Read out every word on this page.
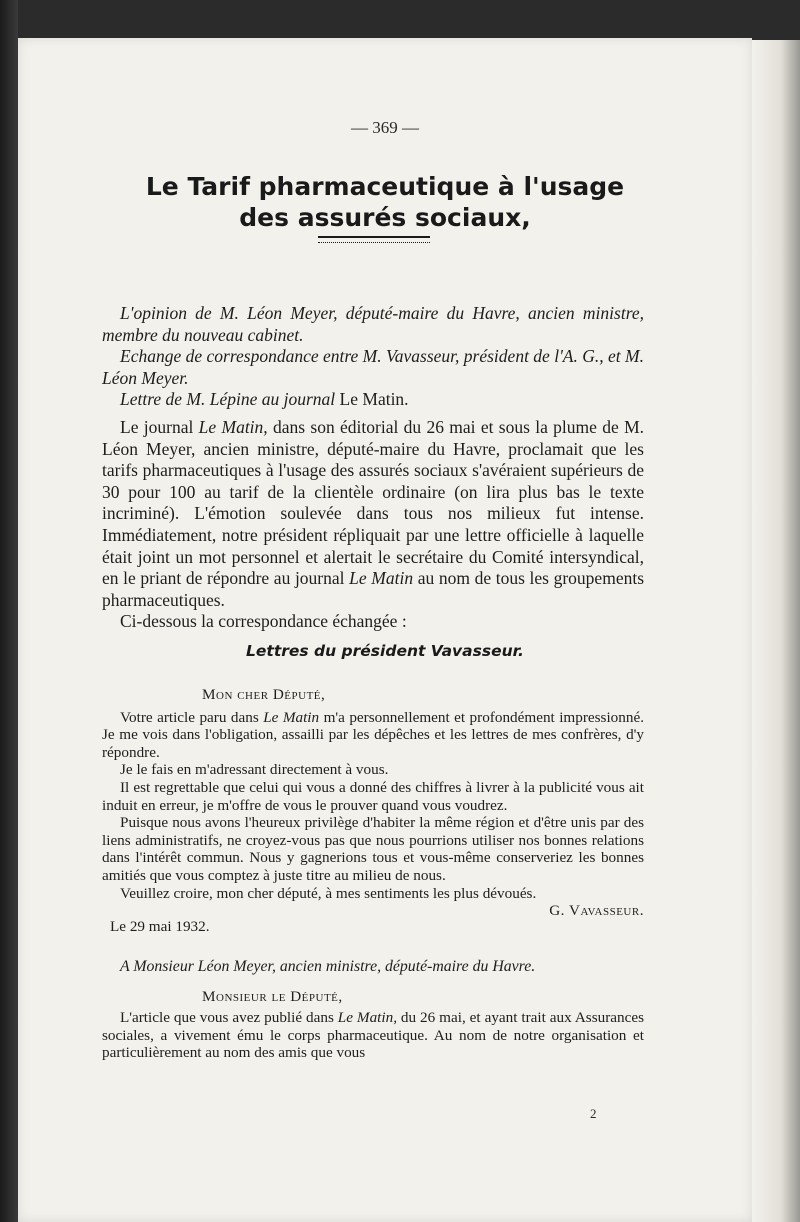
— 369 —
Le Tarif pharmaceutique à l'usage
des assurés sociaux,
L'opinion de M. Léon Meyer, député-maire du Havre, ancien ministre, membre du nouveau cabinet.
Echange de correspondance entre M. Vavasseur, président de l'A. G., et M. Léon Meyer.
Lettre de M. Lépine au journal Le Matin.
Le journal Le Matin, dans son éditorial du 26 mai et sous la plume de M. Léon Meyer, ancien ministre, député-maire du Havre, proclamait que les tarifs pharmaceutiques à l'usage des assurés sociaux s'avéraient supérieurs de 30 pour 100 au tarif de la clientèle ordinaire (on lira plus bas le texte incriminé). L'émotion soulevée dans tous nos milieux fut intense. Immédiatement, notre président répliquait par une lettre officielle à laquelle était joint un mot personnel et alertait le secrétaire du Comité intersyndical, en le priant de répondre au journal Le Matin au nom de tous les groupements pharmaceutiques.
Ci-dessous la correspondance échangée :
Lettres du président Vavasseur.
Mon cher Député,
Votre article paru dans Le Matin m'a personnellement et profondément impressionné. Je me vois dans l'obligation, assailli par les dépêches et les lettres de mes confrères, d'y répondre.
Je le fais en m'adressant directement à vous.
Il est regrettable que celui qui vous a donné des chiffres à livrer à la publicité vous ait induit en erreur, je m'offre de vous le prouver quand vous voudrez.
Puisque nous avons l'heureux privilège d'habiter la même région et d'être unis par des liens administratifs, ne croyez-vous pas que nous pourrions utiliser nos bonnes relations dans l'intérêt commun. Nous y gagnerions tous et vous-même conserveriez les bonnes amitiés que vous comptez à juste titre au milieu de nous.
Veuillez croire, mon cher député, à mes sentiments les plus dévoués.
G. Vavasseur.
Le 29 mai 1932.
A Monsieur Léon Meyer, ancien ministre, député-maire du Havre.
Monsieur le Député,
L'article que vous avez publié dans Le Matin, du 26 mai, et ayant trait aux Assurances sociales, a vivement ému le corps pharmaceutique. Au nom de notre organisation et particulièrement au nom des amis que vous
2
